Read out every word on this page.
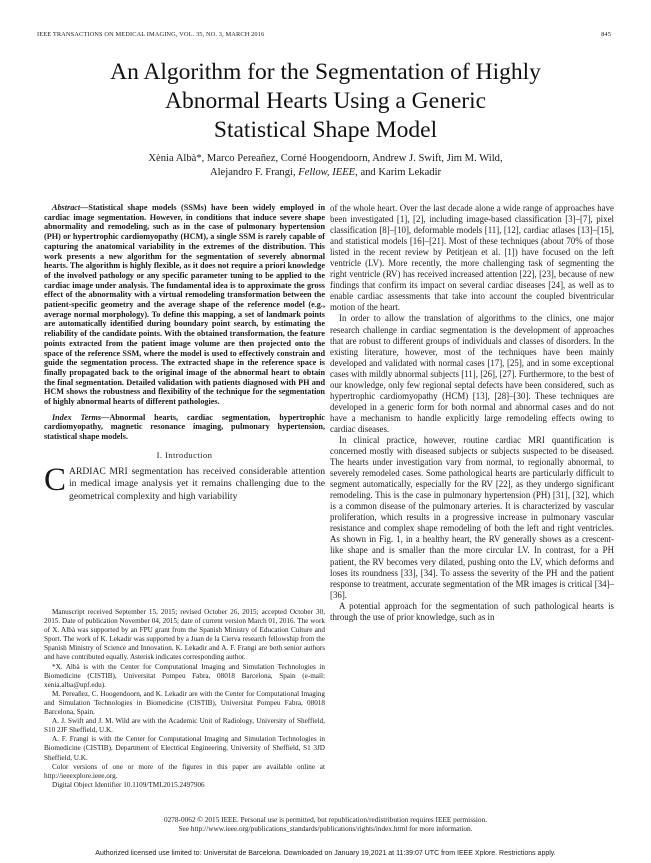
IEEE TRANSACTIONS ON MEDICAL IMAGING, VOL. 35, NO. 3, MARCH 2016	845
An Algorithm for the Segmentation of Highly
Abnormal Hearts Using a Generic
Statistical Shape Model
Xènia Albà*, Marco Pereañez, Corné Hoogendoorn, Andrew J. Swift, Jim M. Wild,
Alejandro F. Frangi, Fellow, IEEE, and Karim Lekadir

Abstract—Statistical shape models (SSMs) have been widely employed in cardiac image segmentation. However, in conditions that induce severe shape abnormality and remodeling, such as in the case of pulmonary hypertension (PH) or hypertrophic cardiomyopathy (HCM), a single SSM is rarely capable of capturing the anatomical variability in the extremes of the distribution. This work presents a new algorithm for the segmentation of severely abnormal hearts. The algorithm is highly flexible, as it does not require a priori knowledge of the involved pathology or any specific parameter tuning to be applied to the cardiac image under analysis. The fundamental idea is to approximate the gross effect of the abnormality with a virtual remodeling transformation between the patient-specific geometry and the average shape of the reference model (e.g., average normal morphology). To define this mapping, a set of landmark points are automatically identified during boundary point search, by estimating the reliability of the candidate points. With the obtained transformation, the feature points extracted from the patient image volume are then projected onto the space of the reference SSM, where the model is used to effectively constrain and guide the segmentation process. The extracted shape in the reference space is finally propagated back to the original image of the abnormal heart to obtain the final segmentation. Detailed validation with patients diagnosed with PH and HCM shows the robustness and flexibility of the technique for the segmentation of highly abnormal hearts of different pathologies.

Index Terms—Abnormal hearts, cardiac segmentation, hypertrophic cardiomyopathy, magnetic resonance imaging, pulmonary hypertension, statistical shape models.

I. Introduction

CARDIAC MRI segmentation has received considerable attention in medical image analysis yet it remains challenging due to the geometrical complexity and high variability

Manuscript received September 15, 2015; revised October 26, 2015; accepted October 30, 2015. Date of publication November 04, 2015; date of current version March 01, 2016. The work of X. Albà was supported by an FPU grant from the Spanish Ministry of Education Culture and Sport. The work of K. Lekadir was supported by a Juan de la Cierva research fellowship from the Spanish Ministry of Science and Innovation. K. Lekadir and A. F. Frangi are both senior authors and have contributed equally. Asterisk indicates corresponding author.

*X. Albà is with the Center for Computational Imaging and Simulation Technologies in Biomedicine (CISTIB), Universitat Pompeu Fabra, 08018 Barcelona, Spain (e-mail: xenia.alba@upf.edu).

M. Pereañez, C. Hoogendoorn, and K. Lekadir are with the Center for Computational Imaging and Simulation Technologies in Biomedicine (CISTIB), Universitat Pompeu Fabra, 08018 Barcelona, Spain.

A. J. Swift and J. M. Wild are with the Academic Unit of Radiology, University of Sheffield, S10 2JF Sheffield, U.K.

A. F. Frangi is with the Center for Computational Imaging and Simulation Technologies in Biomedicine (CISTIB), Department of Electrical Engineering, University of Sheffield, S1 3JD Sheffield, U.K.

Color versions of one or more of the figures in this paper are available online at http://ieeexplore.ieee.org.

Digital Object Identifier 10.1109/TMI.2015.2497906

of the whole heart. Over the last decade alone a wide range of approaches have been investigated [1], [2], including image-based classification [3]–[7], pixel classification [8]–[10], deformable models [11], [12], cardiac atlases [13]–[15], and statistical models [16]–[21]. Most of these techniques (about 70% of those listed in the recent review by Petitjean et al. [1]) have focused on the left ventricle (LV). More recently, the more challenging task of segmenting the right ventricle (RV) has received increased attention [22], [23], because of new findings that confirm its impact on several cardiac diseases [24], as well as to enable cardiac assessments that take into account the coupled biventricular motion of the heart.

In order to allow the translation of algorithms to the clinics, one major research challenge in cardiac segmentation is the development of approaches that are robust to different groups of individuals and classes of disorders. In the existing literature, however, most of the techniques have been mainly developed and validated with normal cases [17], [25], and in some exceptional cases with mildly abnormal subjects [11], [26], [27]. Furthermore, to the best of our knowledge, only few regional septal defects have been considered, such as hypertrophic cardiomyopathy (HCM) [13], [28]–[30]. These techniques are developed in a generic form for both normal and abnormal cases and do not have a mechanism to handle explicitly large remodeling effects owing to cardiac diseases.

In clinical practice, however, routine cardiac MRI quantification is concerned mostly with diseased subjects or subjects suspected to be diseased. The hearts under investigation vary from normal, to regionally abnormal, to severely remodeled cases. Some pathological hearts are particularly difficult to segment automatically, especially for the RV [22], as they undergo significant remodeling. This is the case in pulmonary hypertension (PH) [31], [32], which is a common disease of the pulmonary arteries. It is characterized by vascular proliferation, which results in a progressive increase in pulmonary vascular resistance and complex shape remodeling of both the left and right ventricles. As shown in Fig. 1, in a healthy heart, the RV generally shows as a crescent-like shape and is smaller than the more circular LV. In contrast, for a PH patient, the RV becomes very dilated, pushing onto the LV, which deforms and loses its roundness [33], [34]. To assess the severity of the PH and the patient response to treatment, accurate segmentation of the MR images is critical [34]–[36].

A potential approach for the segmentation of such pathological hearts is through the use of prior knowledge, such as in

0278-0062 © 2015 IEEE. Personal use is permitted, but republication/redistribution requires IEEE permission.
See http://www.ieee.org/publications_standards/publications/rights/index.html for more information.
Authorized licensed use limited to: Universitat de Barcelona. Downloaded on January 19,2021 at 11:39:07 UTC from IEEE Xplore. Restrictions apply.
